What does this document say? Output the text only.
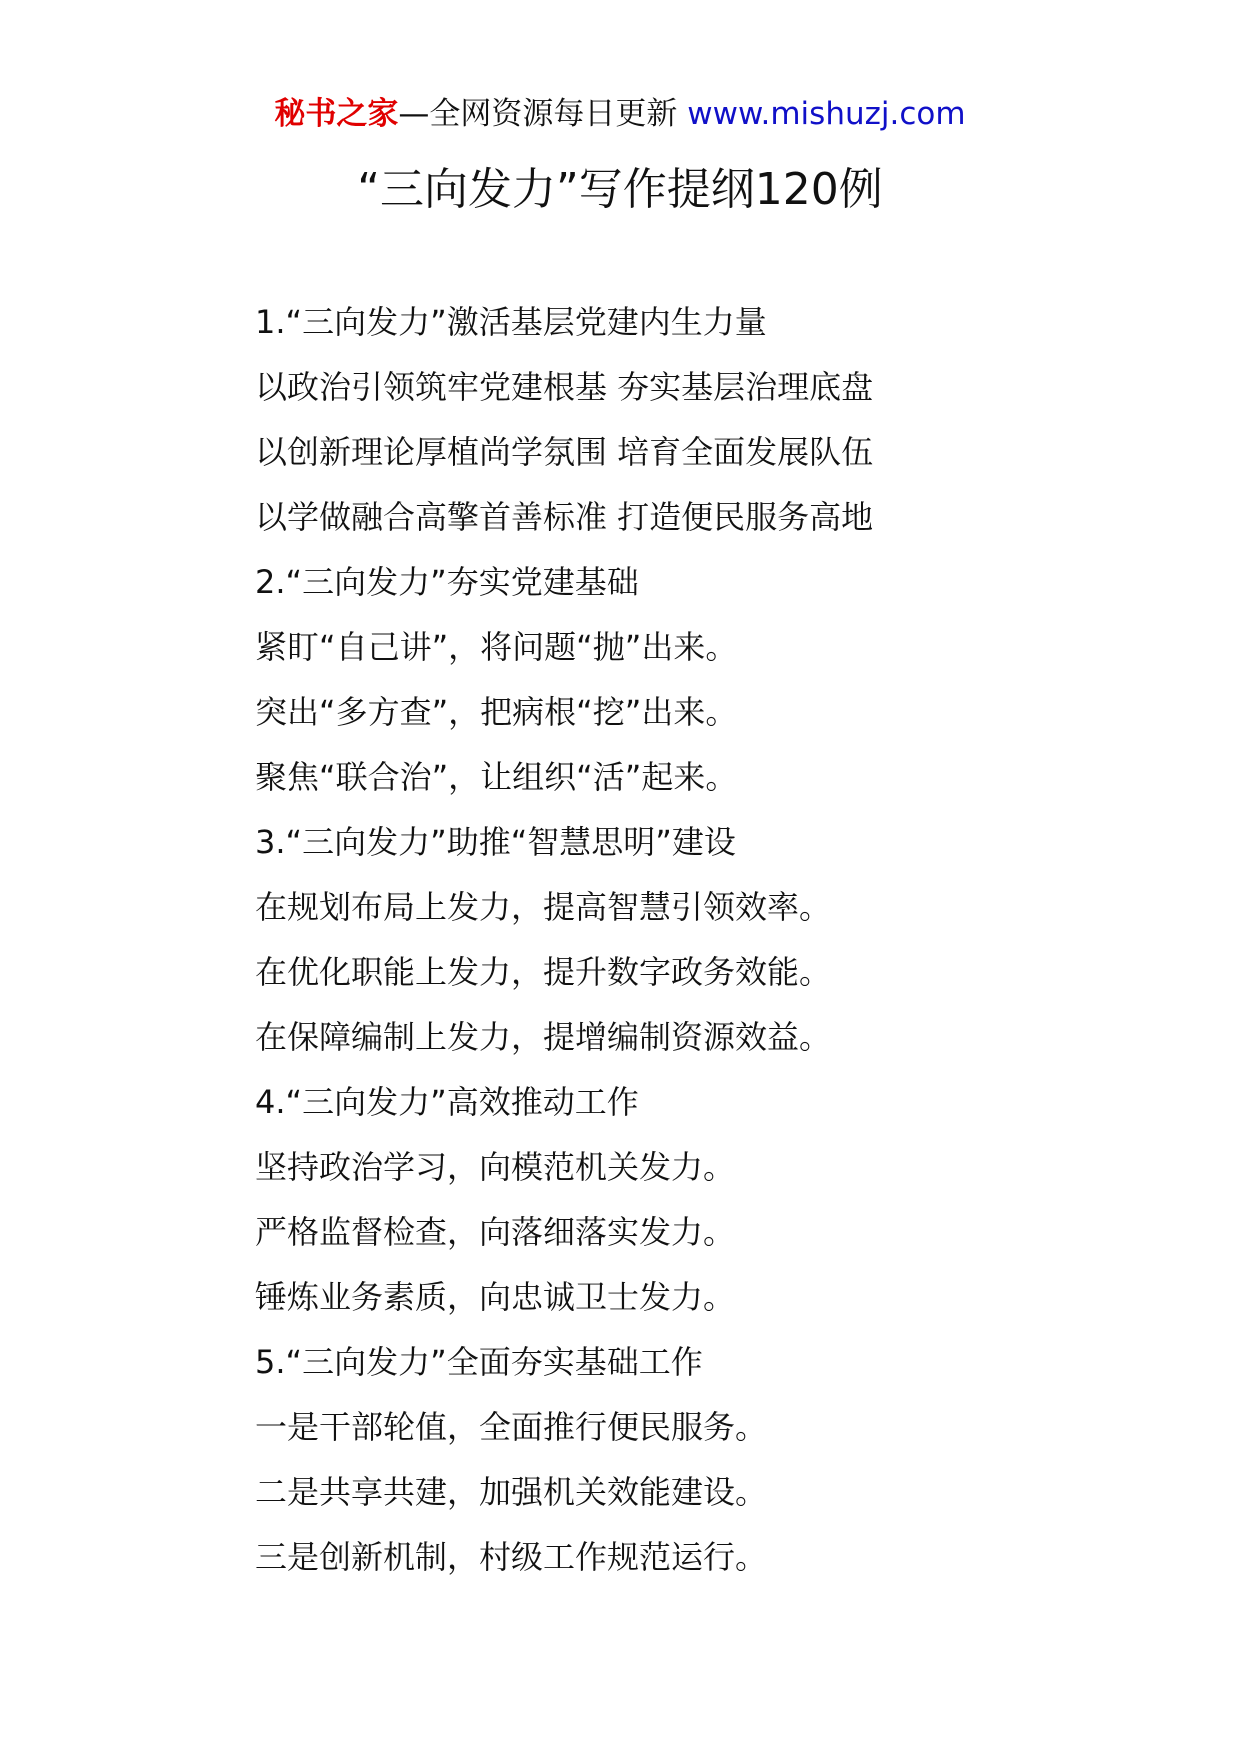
秘书之家—全网资源每日更新 www.mishuzj.com
“三向发力”写作提纲120例
1.“三向发力”激活基层党建内生力量
以政治引领筑牢党建根基 夯实基层治理底盘
以创新理论厚植尚学氛围 培育全面发展队伍
以学做融合高擎首善标准 打造便民服务高地
2.“三向发力”夯实党建基础
紧盯“自己讲”，将问题“抛”出来。
突出“多方查”，把病根“挖”出来。
聚焦“联合治”，让组织“活”起来。
3.“三向发力”助推“智慧思明”建设
在规划布局上发力，提高智慧引领效率。
在优化职能上发力，提升数字政务效能。
在保障编制上发力，提增编制资源效益。
4.“三向发力”高效推动工作
坚持政治学习，向模范机关发力。
严格监督检查，向落细落实发力。
锤炼业务素质，向忠诚卫士发力。
5.“三向发力”全面夯实基础工作
一是干部轮值，全面推行便民服务。
二是共享共建，加强机关效能建设。
三是创新机制，村级工作规范运行。
